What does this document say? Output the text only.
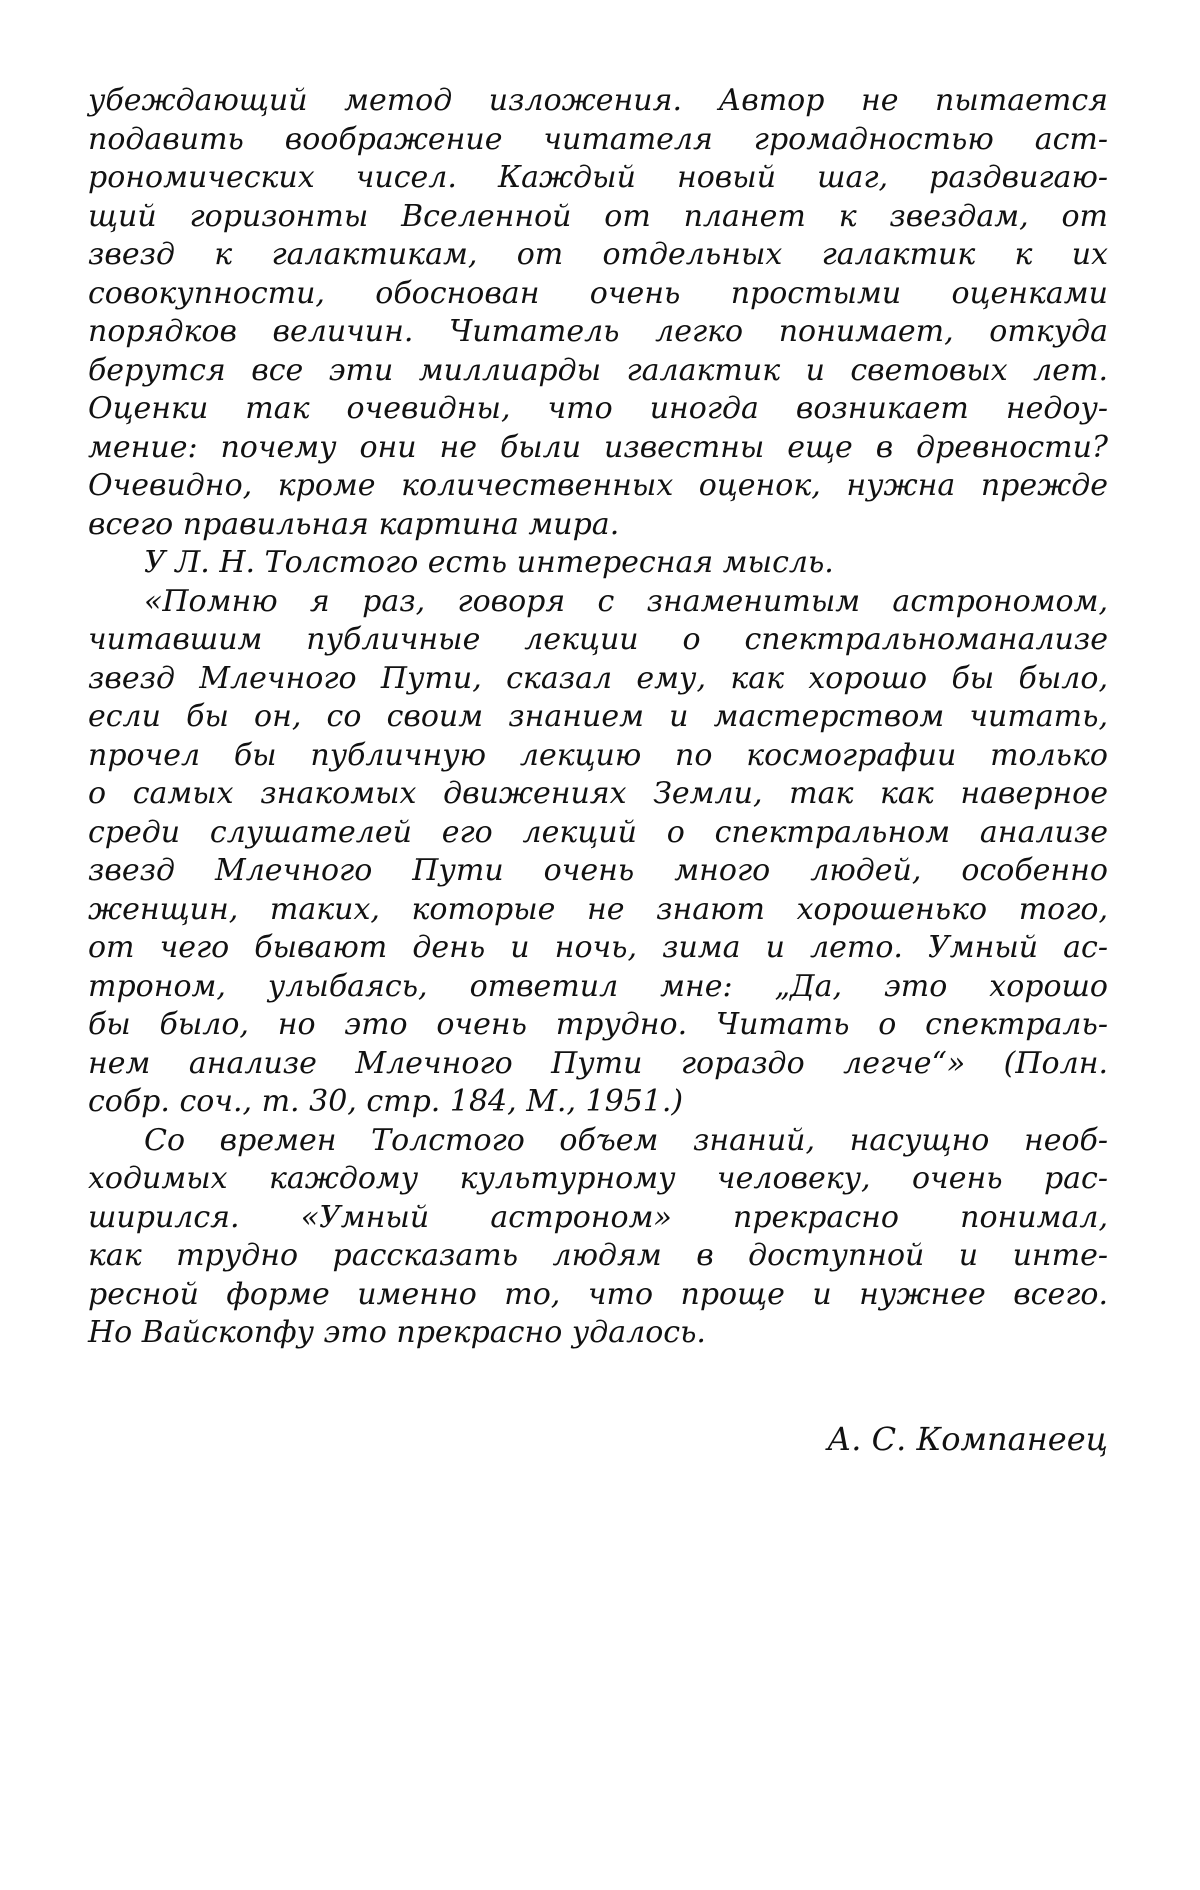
убеждающий метод изложения. Автор не пытается
подавить воображение читателя громадностью аст-
рономических чисел. Каждый новый шаг, раздвигаю-
щий горизонты Вселенной от планет к звездам, от
звезд к галактикам, от отдельных галактик к их
совокупности, обоснован очень простыми оценками
порядков величин. Читатель легко понимает, откуда
берутся все эти миллиарды галактик и световых лет.
Оценки так очевидны, что иногда возникает недоу-
мение: почему они не были известны еще в древности?
Очевидно, кроме количественных оценок, нужна прежде
всего правильная картина мира.
У Л. Н. Толстого есть интересная мысль.
«Помню я раз, говоря с знаменитым астрономом,
читавшим публичные лекции о спектральноманализе
звезд Млечного Пути, сказал ему, как хорошо бы было,
если бы он, со своим знанием и мастерством читать,
прочел бы публичную лекцию по космографии только
о самых знакомых движениях Земли, так как наверное
среди слушателей его лекций о спектральном анализе
звезд Млечного Пути очень много людей, особенно
женщин, таких, которые не знают хорошенько того,
от чего бывают день и ночь, зима и лето. Умный ас-
троном, улыбаясь, ответил мне: „Да, это хорошо
бы было, но это очень трудно. Читать о спектраль-
нем анализе Млечного Пути гораздо легче“» (Полн.
собр. соч., т. 30, стр. 184, М., 1951.)
Со времен Толстого объем знаний, насущно необ-
ходимых каждому культурному человеку, очень рас-
ширился. «Умный астроном» прекрасно понимал,
как трудно рассказать людям в доступной и инте-
ресной форме именно то, что проще и нужнее всего.
Но Вайскопфу это прекрасно удалось.
А. С. Компанеец
